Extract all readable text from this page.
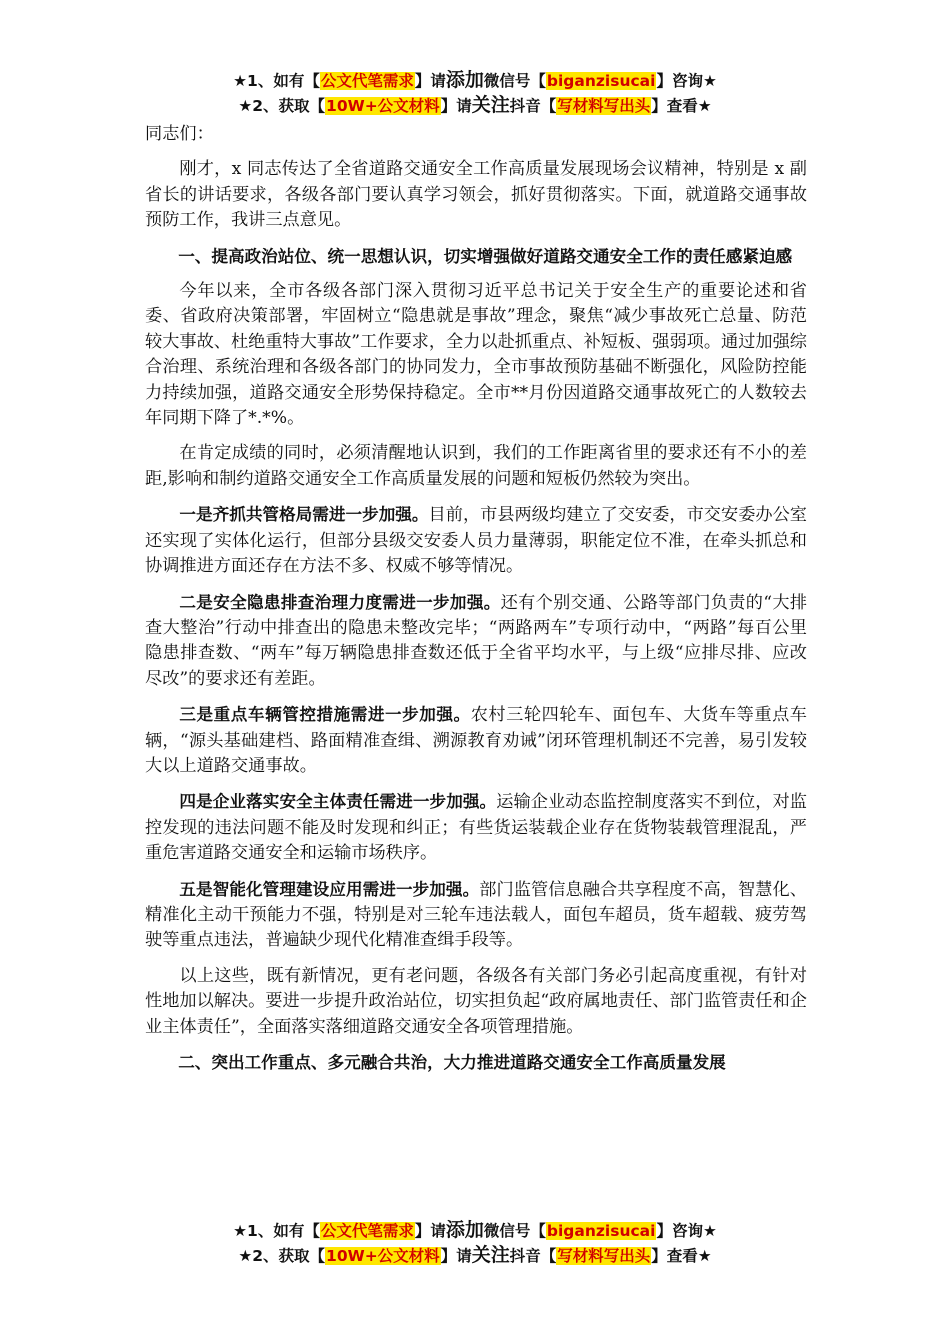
★1、如有【公文代笔需求】请添加微信号【biganzisucai】咨询★
★2、获取【10W+公文材料】请关注抖音【写材料写出头】查看★

同志们：

刚才，x 同志传达了全省道路交通安全工作高质量发展现场会议精神，特别是 x 副省长的讲话要求，各级各部门要认真学习领会，抓好贯彻落实。下面，就道路交通事故预防工作，我讲三点意见。

一、提高政治站位、统一思想认识，切实增强做好道路交通安全工作的责任感紧迫感

今年以来，全市各级各部门深入贯彻习近平总书记关于安全生产的重要论述和省委、省政府决策部署，牢固树立“隐患就是事故”理念，聚焦“减少事故死亡总量、防范较大事故、杜绝重特大事故”工作要求，全力以赴抓重点、补短板、强弱项。通过加强综合治理、系统治理和各级各部门的协同发力，全市事故预防基础不断强化，风险防控能力持续加强，道路交通安全形势保持稳定。全市**月份因道路交通事故死亡的人数较去年同期下降了*.*%。

在肯定成绩的同时，必须清醒地认识到，我们的工作距离省里的要求还有不小的差距,影响和制约道路交通安全工作高质量发展的问题和短板仍然较为突出。

一是齐抓共管格局需进一步加强。目前，市县两级均建立了交安委，市交安委办公室还实现了实体化运行，但部分县级交安委人员力量薄弱，职能定位不准，在牵头抓总和协调推进方面还存在方法不多、权威不够等情况。

二是安全隐患排查治理力度需进一步加强。还有个别交通、公路等部门负责的“大排查大整治”行动中排查出的隐患未整改完毕；“两路两车”专项行动中，“两路”每百公里隐患排查数、“两车”每万辆隐患排查数还低于全省平均水平，与上级“应排尽排、应改尽改”的要求还有差距。

三是重点车辆管控措施需进一步加强。农村三轮四轮车、面包车、大货车等重点车辆，“源头基础建档、路面精准查缉、溯源教育劝诫”闭环管理机制还不完善，易引发较大以上道路交通事故。

四是企业落实安全主体责任需进一步加强。运输企业动态监控制度落实不到位，对监控发现的违法问题不能及时发现和纠正；有些货运装载企业存在货物装载管理混乱，严重危害道路交通安全和运输市场秩序。

五是智能化管理建设应用需进一步加强。部门监管信息融合共享程度不高，智慧化、精准化主动干预能力不强，特别是对三轮车违法载人，面包车超员，货车超载、疲劳驾驶等重点违法，普遍缺少现代化精准查缉手段等。

以上这些，既有新情况，更有老问题，各级各有关部门务必引起高度重视，有针对性地加以解决。要进一步提升政治站位，切实担负起“政府属地责任、部门监管责任和企业主体责任”，全面落实落细道路交通安全各项管理措施。

二、突出工作重点、多元融合共治，大力推进道路交通安全工作高质量发展

★1、如有【公文代笔需求】请添加微信号【biganzisucai】咨询★
★2、获取【10W+公文材料】请关注抖音【写材料写出头】查看★
